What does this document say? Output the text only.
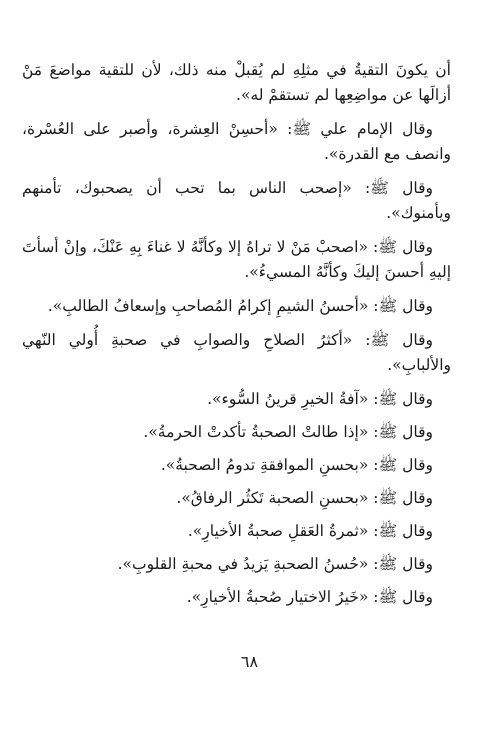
أن يكونَ التقيةُ في مثلِهِ لم يُقبلْ منه ذلك، لأن للتقية مواضعَ مَنْ أزالَها عن مواضِعِها لم تستقمْ له».

وقال الإمام علي ﷺ: «أحسِنْ العِشرة، وأصبر على العُسْرة، وانصف مع القدرة».

وقال ﷺ: «إصحب الناس بما تحب أن يصحبوك، تأمنهم ويأمنوك».

وقال ﷺ: «اصحبْ مَنْ لا تراهُ إلا وكأنَّهُ لا غناءَ بِهِ عَنْكَ، وإنْ أسأتَ إليهِ أحسنَ إليكَ وكأنَّهُ المسيءُ».

وقال ﷺ: «أحسنُ الشيمِ إكرامُ المُصاحبِ وإسعافُ الطالبِ».

وقال ﷺ: «أكثرُ الصلاحِ والصوابِ في صحبةِ أُولي النّهي والألبابِ».

وقال ﷺ: «آفةُ الخيرِ قرينُ السُّوء».

وقال ﷺ: «إذا طالتْ الصحبةُ تأكدتْ الحرمةُ».

وقال ﷺ: «بحسنِ الموافقةِ تدومُ الصحبةُ».

وقال ﷺ: «بحسنِ الصحبة تَكثُر الرفاقُ».

وقال ﷺ: «ثمرةُ العَقلِ صحبةُ الأخيارِ».

وقال ﷺ: «حُسنُ الصحبةِ يَزيدُ في محبةِ القلوبِ».

وقال ﷺ: «خَيرُ الاختيار صُحبةُ الأخيارِ».

٦٨
